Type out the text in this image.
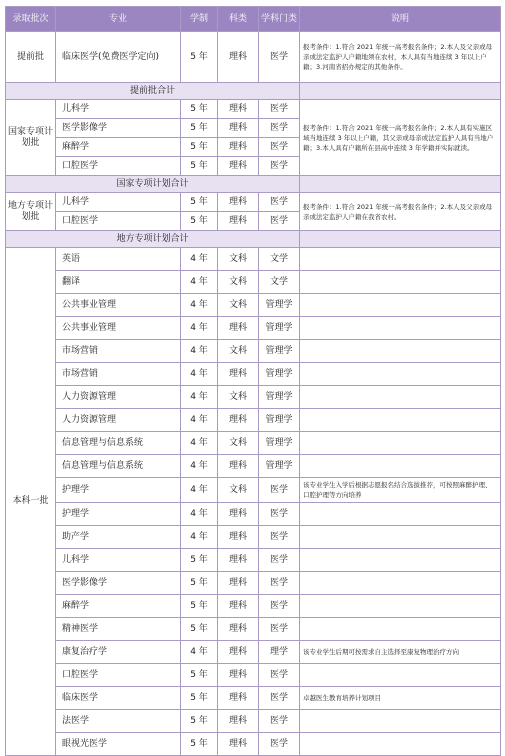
录取批次	专业	学制	科类	学科门类	说明
提前批	临床医学(免费医学定向)	5 年	理科	医学	报考条件：1.符合 2021 年统一高考报名条件；2.本人及父亲或母亲或法定监护人户籍地须在农村，本人具有当地连续 3 年以上户籍；3.河南省招办规定的其他条件。
提前批合计					
国家专项计划批	儿科学	5 年	理科	医学	报考条件：1.符合 2021 年统一高考报名条件；2.本人具有实施区域当地连续 3 年以上户籍，其父亲或母亲或法定监护人具有当地户籍；3.本人具有户籍所在县高中连续 3 年学籍并实际就读。
	医学影像学	5 年	理科	医学	
	麻醉学	5 年	理科	医学	
	口腔医学	5 年	理科	医学	
国家专项计划合计					
地方专项计划批	儿科学	5 年	理科	医学	报考条件：1.符合 2021 年统一高考报名条件；2.本人及父亲或母亲或法定监护人户籍在我省农村。
	口腔医学	5 年	理科	医学	
地方专项计划合计					
本科一批	英语	4 年	文科	文学	
	翻译	4 年	文科	文学	
	公共事业管理	4 年	文科	管理学	
	公共事业管理	4 年	理科	管理学	
	市场营销	4 年	文科	管理学	
	市场营销	4 年	理科	管理学	
	人力资源管理	4 年	文科	管理学	
	人力资源管理	4 年	理科	管理学	
	信息管理与信息系统	4 年	文科	管理学	
	信息管理与信息系统	4 年	理科	管理学	
	护理学	4 年	文科	医学	该专业学生入学后根据志愿报名结合选拔推荐，可按照麻醉护理、口腔护理等方向培养
	护理学	4 年	理科	医学	
	助产学	4 年	理科	医学	
	儿科学	5 年	理科	医学	
	医学影像学	5 年	理科	医学	
	麻醉学	5 年	理科	医学	
	精神医学	5 年	理科	医学	
	康复治疗学	4 年	理科	理学	该专业学生后期可按需求自主选择至康复物理治疗方向
	口腔医学	5 年	理科	医学	
	临床医学	5 年	理科	医学	卓越医生教育培养计划项目
	法医学	5 年	理科	医学	
	眼视光医学	5 年	理科	医学	
